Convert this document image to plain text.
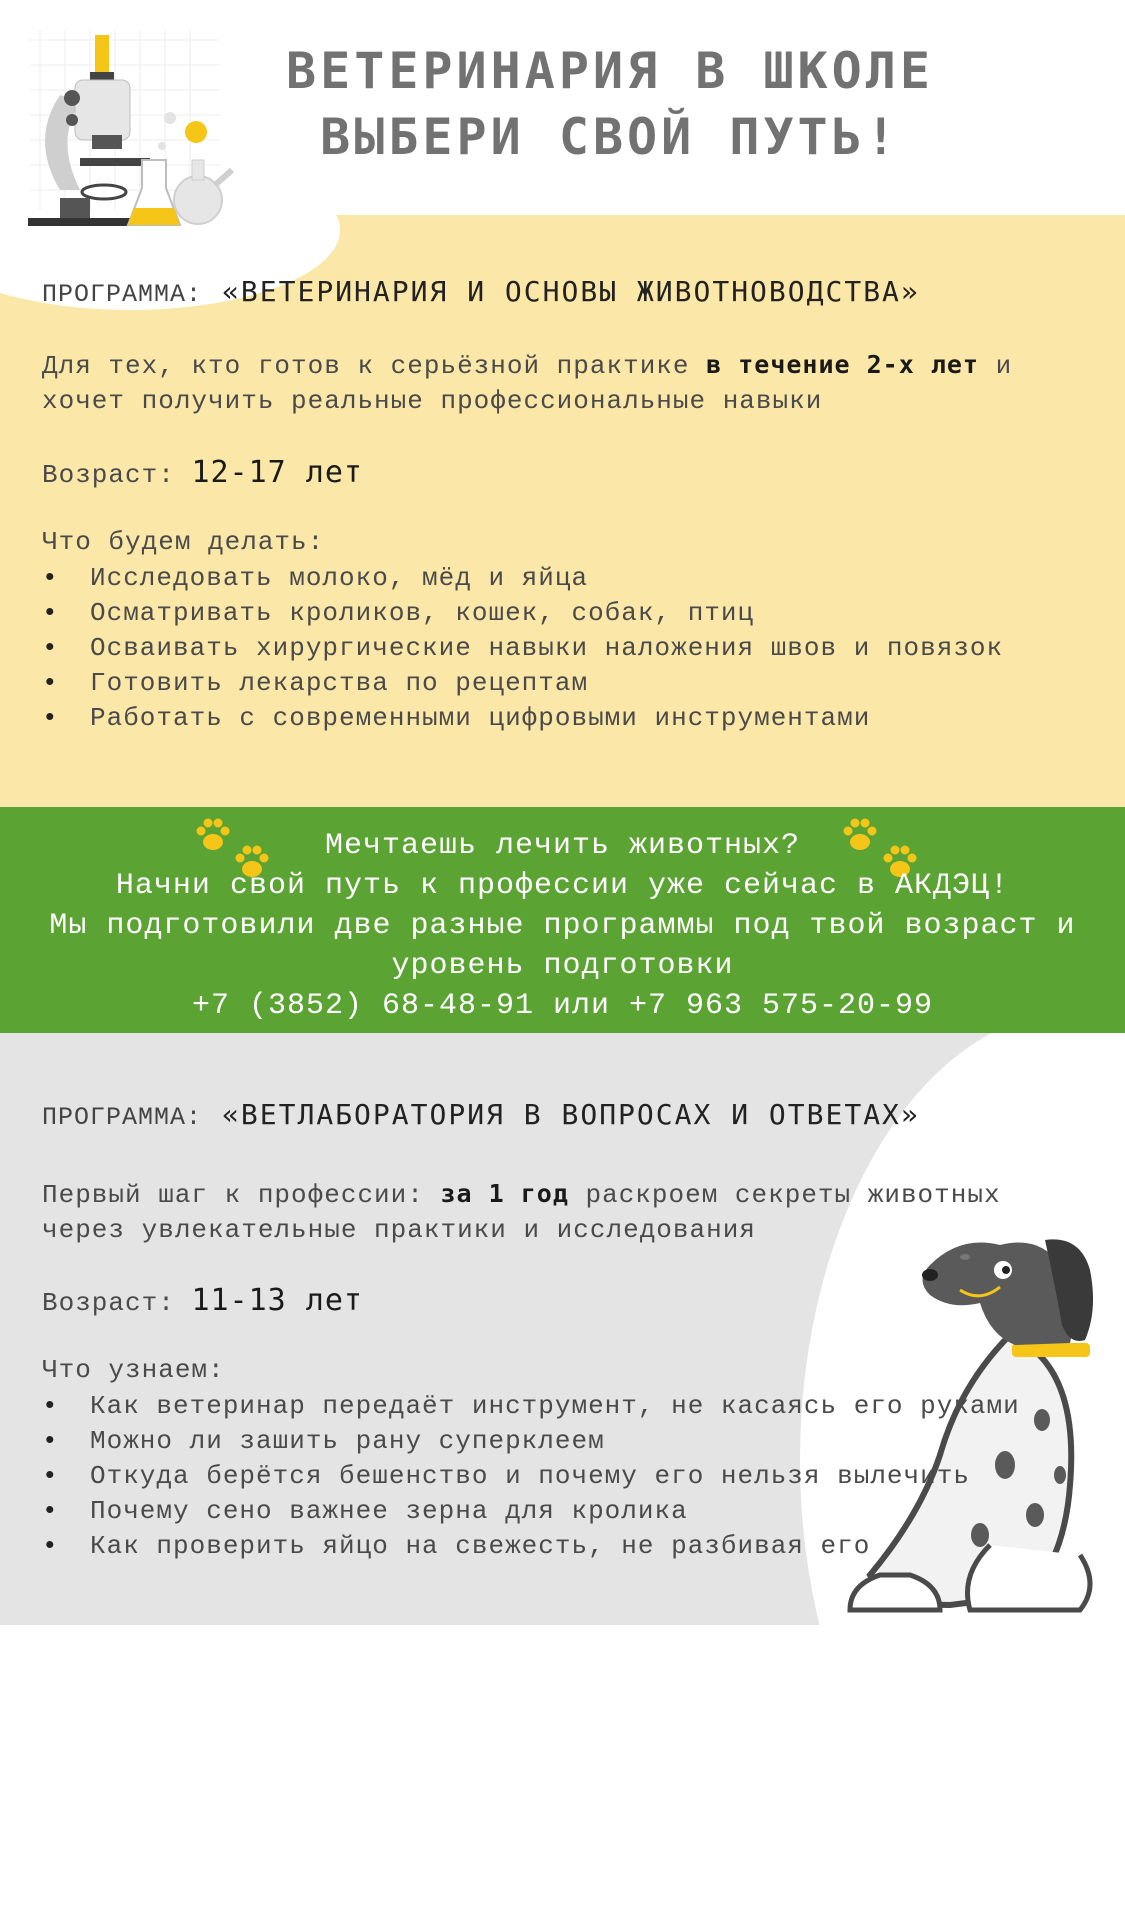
ВЕТЕРИНАРИЯ В ШКОЛЕ
ВЫБЕРИ СВОЙ ПУТЬ!
ПРОГРАММА: «ВЕТЕРИНАРИЯ И ОСНОВЫ ЖИВОТНОВОДСТВА»
Для тех, кто готов к серьёзной практике в течение 2-х лет и хочет получить реальные профессиональные навыки
Возраст: 12-17 лет
Что будем делать:
• Исследовать молоко, мёд и яйца
• Осматривать кроликов, кошек, собак, птиц
• Осваивать хирургические навыки наложения швов и повязок
• Готовить лекарства по рецептам
• Работать с современными цифровыми инструментами
Мечтаешь лечить животных?
Начни свой путь к профессии уже сейчас в АКДЭЦ!
Мы подготовили две разные программы под твой возраст и уровень подготовки
+7 (3852) 68-48-91 или +7 963 575-20-99
ПРОГРАММА: «ВЕТЛАБОРАТОРИЯ В ВОПРОСАХ И ОТВЕТАХ»
Первый шаг к профессии: за 1 год раскроем секреты животных через увлекательные практики и исследования
Возраст: 11-13 лет
Что узнаем:
• Как ветеринар передаёт инструмент, не касаясь его руками
• Можно ли зашить рану суперклеем
• Откуда берётся бешенство и почему его нельзя вылечить
• Почему сено важнее зерна для кролика
• Как проверить яйцо на свежесть, не разбивая его
